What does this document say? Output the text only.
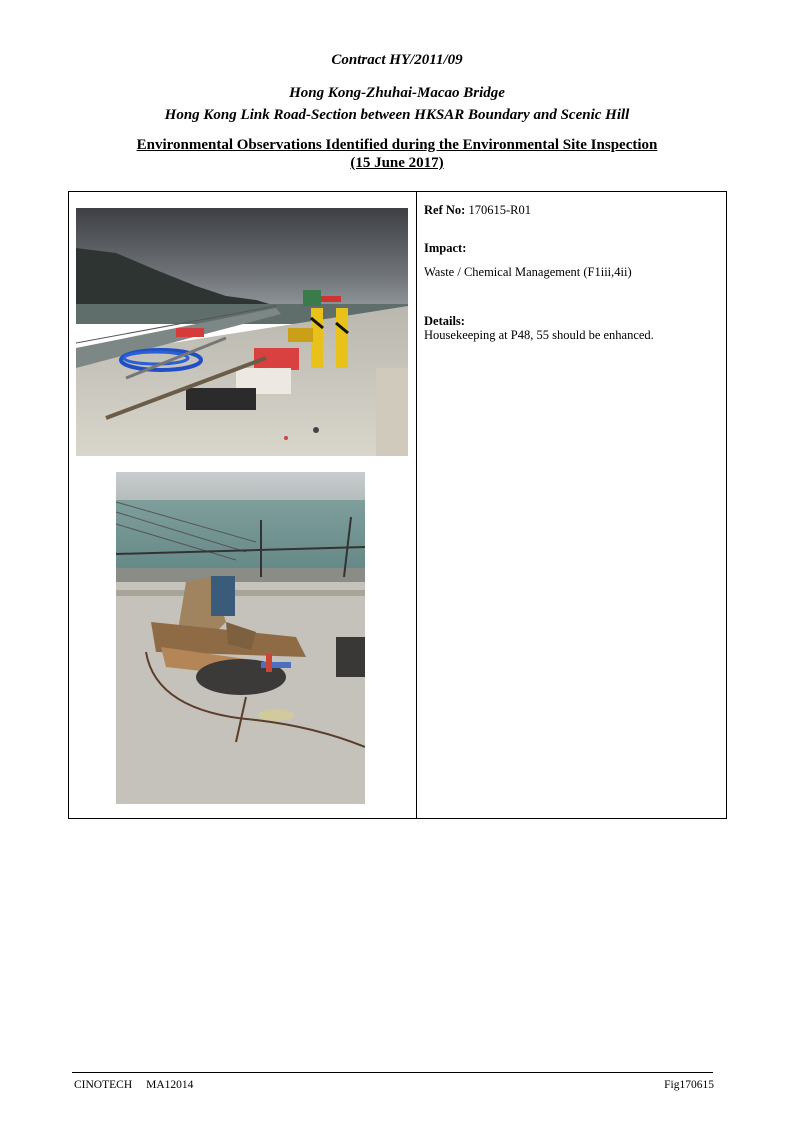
Contract HY/2011/09
Hong Kong-Zhuhai-Macao Bridge
Hong Kong Link Road-Section between HKSAR Boundary and Scenic Hill
Environmental Observations Identified during the Environmental Site Inspection
(15 June 2017)
Ref No: 170615-R01
Impact:
Waste / Chemical Management (F1iii,4ii)
Details:
Housekeeping at P48, 55 should be enhanced.
CINOTECH MA12014	Fig170615
